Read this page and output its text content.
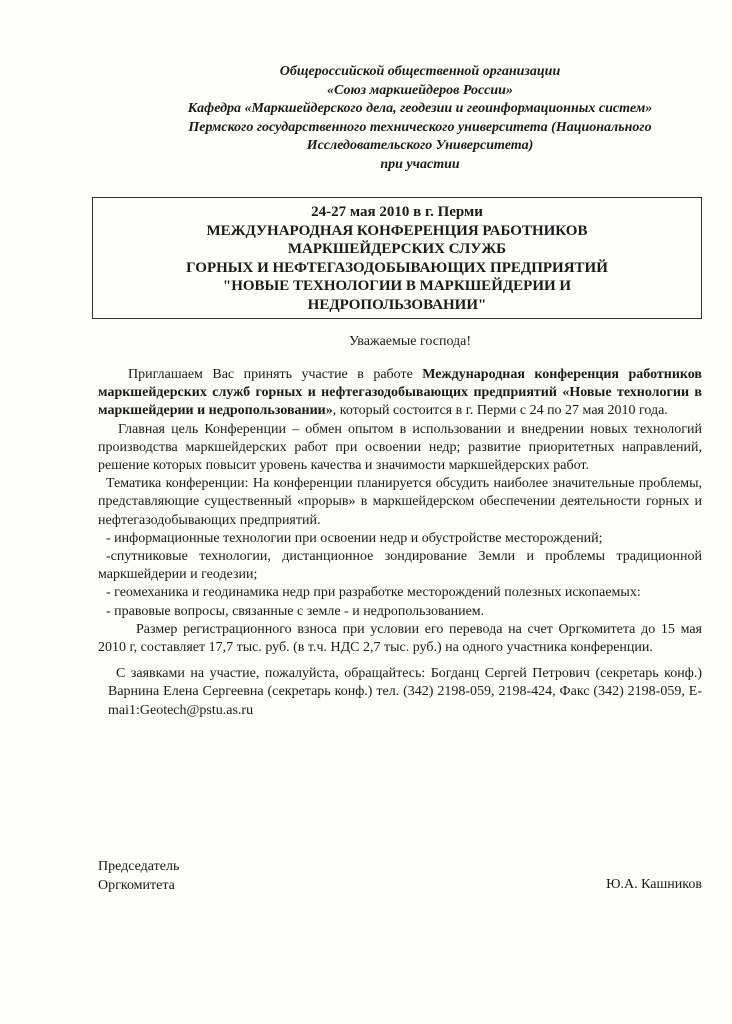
Общероссийской общественной организации
«Союз маркшейдеров России»
Кафедра «Маркшейдерского дела, геодезии и геоинформационных систем»
Пермского государственного технического университета (Национального
Исследовательского Университета)
при участии
24-27 мая 2010 в г. Перми
МЕЖДУНАРОДНАЯ КОНФЕРЕНЦИЯ РАБОТНИКОВ
МАРКШЕЙДЕРСКИХ СЛУЖБ
ГОРНЫХ И НЕФТЕГАЗОДОБЫВАЮЩИХ ПРЕДПРИЯТИЙ
"НОВЫЕ ТЕХНОЛОГИИ В МАРКШЕЙДЕРИИ И
НЕДРОПОЛЬЗОВАНИИ"
Уважаемые господа!

Приглашаем Вас принять участие в работе Международная конференция работников маркшейдерских служб горных и нефтегазодобывающих предприятий «Новые технологии в маркшейдерии и недропользовании», который состоится в г. Перми с 24 по 27 мая 2010 года.

Главная цель Конференции – обмен опытом в использовании и внедрении новых технологий производства маркшейдерских работ при освоении недр; развитие приоритетных направлений, решение которых повысит уровень качества и значимости маркшейдерских работ.

Тематика конференции: На конференции планируется обсудить наиболее значительные проблемы, представляющие существенный «прорыв» в маркшейдерском обеспечении деятельности горных и нефтегазодобывающих предприятий.

- информационные технологии при освоении недр и обустройстве месторождений;

-спутниковые технологии, дистанционное зондирование Земли и проблемы традиционной маркшейдерии и геодезии;

- геомеханика и геодинамика недр при разработке месторождений полезных ископаемых:

- правовые вопросы, связанные с земле - и недропользованием.

Размер регистрационного взноса при условии его перевода на счет Оргкомитета до 15 мая 2010 г, составляет 17,7 тыс. руб. (в т.ч. НДС 2,7 тыс. руб.) на одного участника конференции.

С заявками на участие, пожалуйста, обращайтесь: Богданц Сергей Петрович (секретарь конф.) Варнина Елена Сергеевна (секретарь конф.) тел. (342) 2198-059, 2198-424, Факс (342) 2198-059, E-mai1:Geotech@pstu.as.ru

Председатель
Оргкомитета	Ю.А. Кашников
